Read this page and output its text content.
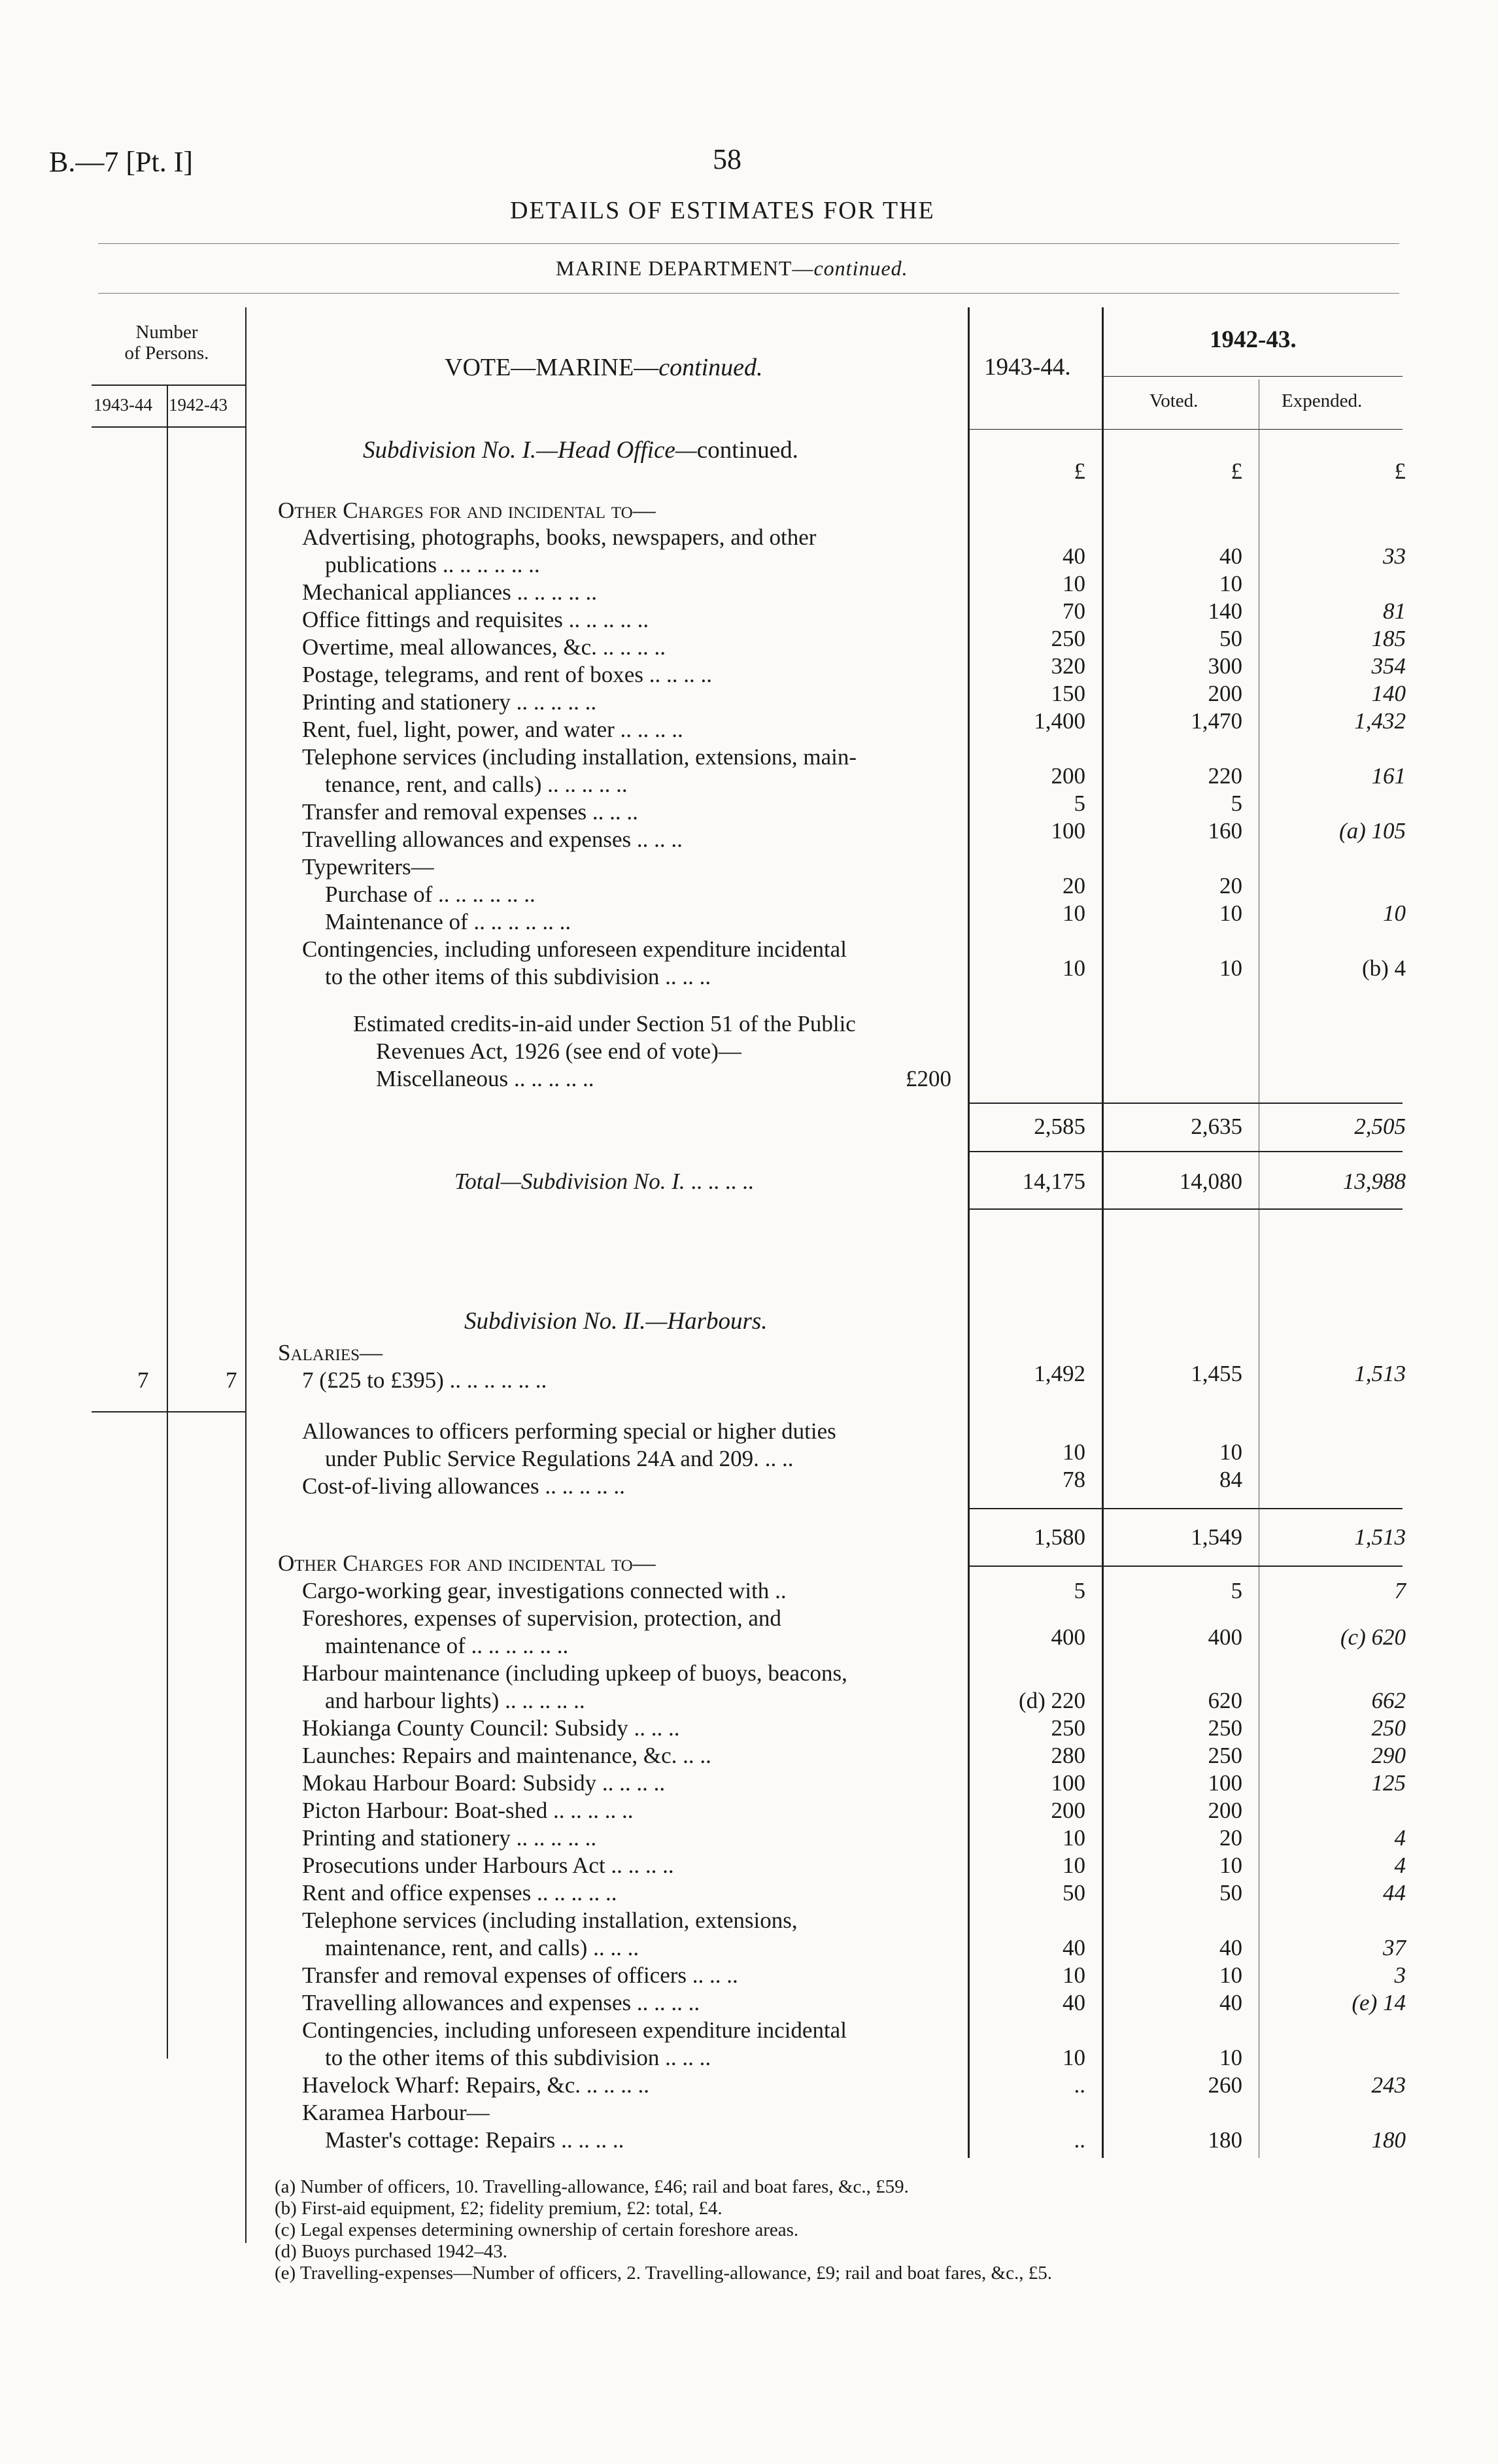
B.—7 [Pt. I]	58
DETAILS OF ESTIMATES FOR THE
MARINE DEPARTMENT—continued.
Number
of Persons.
1943-44 1942-43
VOTE—MARINE—continued.	1943-44.
1942-43.
Voted.	Expended.
Subdivision No. I.—Head Office—continued.
£	£	£
Other Charges for and incidental to—
Advertising, photographs, books, newspapers, and other
publications .. .. .. .. .. ..	40	40	33
Mechanical appliances .. .. .. .. ..	10	10
Office fittings and requisites .. .. .. .. ..	70	140	81
Overtime, meal allowances, &c. .. .. .. ..	250	50	185
Postage, telegrams, and rent of boxes .. .. .. ..	320	300	354
Printing and stationery .. .. .. .. ..	150	200	140
Rent, fuel, light, power, and water .. .. .. ..	1,400	1,470	1,432
Telephone services (including installation, extensions, main-
tenance, rent, and calls) .. .. .. .. ..	200	220	161
Transfer and removal expenses .. .. ..	5	5
Travelling allowances and expenses .. .. ..	100	160	(a) 105
Typewriters—
Purchase of .. .. .. .. .. ..	20	20
Maintenance of .. .. .. .. .. ..	10	10	10
Contingencies, including unforeseen expenditure incidental
to the other items of this subdivision .. .. ..	10	10	(b) 4
Estimated credits-in-aid under Section 51 of the Public
Revenues Act, 1926 (see end of vote)—
Miscellaneous .. .. .. .. ..	£200
2,585	2,635	2,505
Total—Subdivision No. I. .. .. .. ..	14,175	14,080	13,988
Subdivision No. II.—Harbours.
Salaries—
7	7	7 (£25 to £395) .. .. .. .. .. ..	1,492	1,455	1,513
Allowances to officers performing special or higher duties
under Public Service Regulations 24A and 209. .. ..	10	10
Cost-of-living allowances .. .. .. .. ..	78	84
1,580	1,549	1,513
Other Charges for and incidental to—
Cargo-working gear, investigations connected with ..	5	5	7
Foreshores, expenses of supervision, protection, and
maintenance of .. .. .. .. .. ..	400	400	(c) 620
Harbour maintenance (including upkeep of buoys, beacons,
and harbour lights) .. .. .. .. ..	(d) 220	620	662
Hokianga County Council: Subsidy .. .. ..	250	250	250
Launches: Repairs and maintenance, &c. .. ..	280	250	290
Mokau Harbour Board: Subsidy .. .. .. ..	100	100	125
Picton Harbour: Boat-shed .. .. .. .. ..	200	200
Printing and stationery .. .. .. .. ..	10	20	4
Prosecutions under Harbours Act .. .. .. ..	10	10	4
Rent and office expenses .. .. .. .. ..	50	50	44
Telephone services (including installation, extensions,
maintenance, rent, and calls) .. .. ..	40	40	37
Transfer and removal expenses of officers .. .. ..	10	10	3
Travelling allowances and expenses .. .. .. ..	40	40	(e) 14
Contingencies, including unforeseen expenditure incidental
to the other items of this subdivision .. .. ..	10	10
Havelock Wharf: Repairs, &c. .. .. .. ..	..	260	243
Karamea Harbour—
Master's cottage: Repairs .. .. .. ..	..	180	180
(a) Number of officers, 10. Travelling-allowance, £46; rail and boat fares, &c., £59.
(b) First-aid equipment, £2; fidelity premium, £2: total, £4.
(c) Legal expenses determining ownership of certain foreshore areas.
(d) Buoys purchased 1942–43.
(e) Travelling-expenses—Number of officers, 2. Travelling-allowance, £9; rail and boat fares, &c., £5.
